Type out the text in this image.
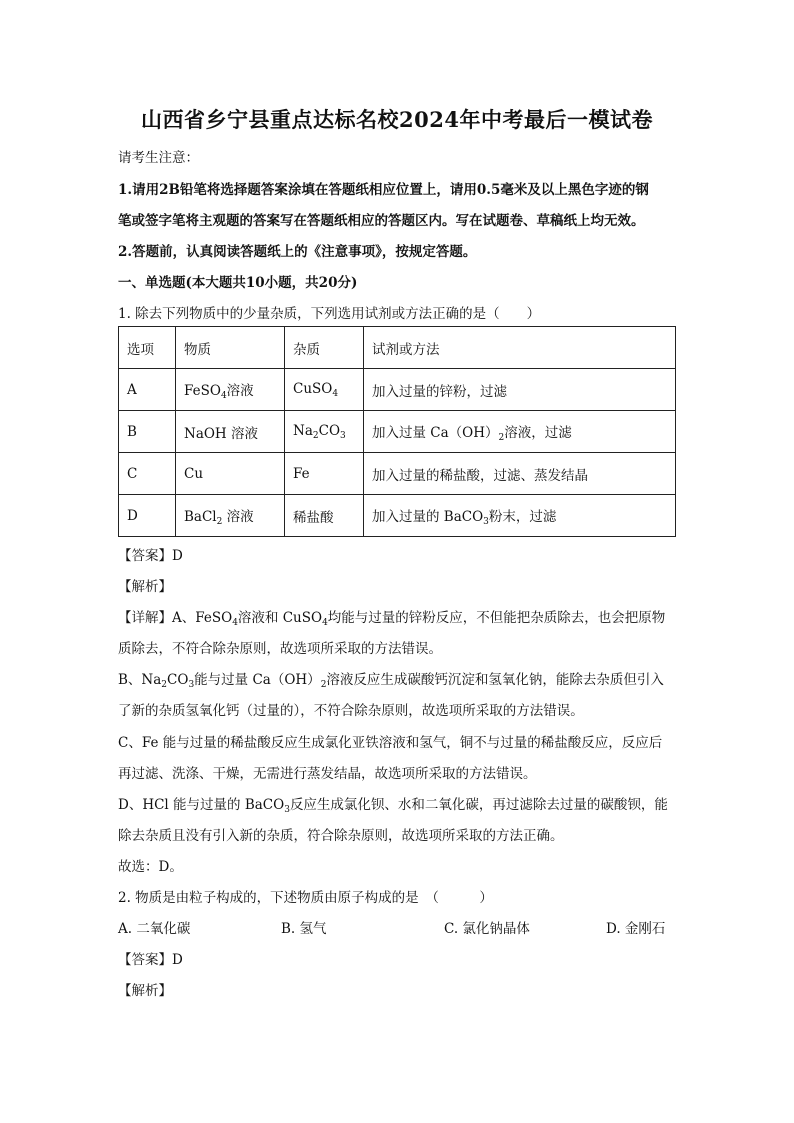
山西省乡宁县重点达标名校2024年中考最后一模试卷
请考生注意：
1.请用2B铅笔将选择题答案涂填在答题纸相应位置上，请用0.5毫米及以上黑色字迹的钢
笔或签字笔将主观题的答案写在答题纸相应的答题区内。写在试题卷、草稿纸上均无效。
2.答题前，认真阅读答题纸上的《注意事项》，按规定答题。
一、单选题(本大题共10小题，共20分)
1. 除去下列物质中的少量杂质，下列选用试剂或方法正确的是（　　）
选项	物质	杂质	试剂或方法
A	FeSO$_4$溶液	CuSO$_4$	加入过量的锌粉，过滤
B	NaOH 溶液	$Na_2CO_3$	加入过量 $Ca(OH)_2$溶液，过滤
C	Cu	Fe	加入过量的稀盐酸，过滤、蒸发结晶
D	BaCl$_2$ 溶液	稀盐酸	加入过量的 BaCO$_3$粉末，过滤
【答案】D
【解析】
【详解】A、FeSO$_4$溶液和 CuSO$_4$均能与过量的锌粉反应，不但能把杂质除去，也会把原物
质除去，不符合除杂原则，故选项所采取的方法错误。
B、$Na_2CO_3$能与过量 $Ca(OH)_2$溶液反应生成碳酸钙沉淀和氢氧化钠，能除去杂质但引入
了新的杂质氢氧化钙（过量的），不符合除杂原则，故选项所采取的方法错误。
C、Fe 能与过量的稀盐酸反应生成氯化亚铁溶液和氢气，铜不与过量的稀盐酸反应，反应后
再过滤、洗涤、干燥，无需进行蒸发结晶，故选项所采取的方法错误。
D、HCl 能与过量的 BaCO$_3$反应生成氯化钡、水和二氧化碳，再过滤除去过量的碳酸钡，能
除去杂质且没有引入新的杂质，符合除杂原则，故选项所采取的方法正确。
故选：D。
2. 物质是由粒子构成的，下述物质由原子构成的是　（　　　）
A. 二氧化碳	B. 氢气	C. 氯化钠晶体	D. 金刚石
【答案】D
【解析】
